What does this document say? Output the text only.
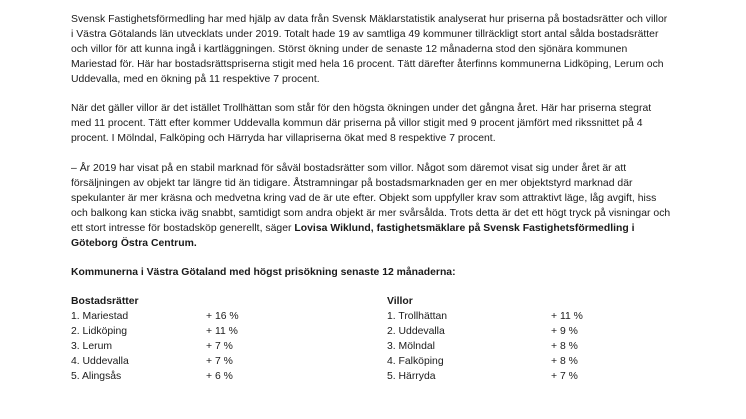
Svensk Fastighetsförmedling har med hjälp av data från Svensk Mäklarstatistik analyserat hur priserna på bostadsrätter och villor i Västra Götalands län utvecklats under 2019. Totalt hade 19 av samtliga 49 kommuner tillräckligt stort antal sålda bostadsrätter och villor för att kunna ingå i kartläggningen. Störst ökning under de senaste 12 månaderna stod den sjönära kommunen Mariestad för. Här har bostadsrättspriserna stigit med hela 16 procent. Tätt därefter återfinns kommunerna Lidköping, Lerum och Uddevalla, med en ökning på 11 respektive 7 procent.

När det gäller villor är det istället Trollhättan som står för den högsta ökningen under det gångna året. Här har priserna stegrat med 11 procent. Tätt efter kommer Uddevalla kommun där priserna på villor stigit med 9 procent jämfört med rikssnittet på 4 procent. I Mölndal, Falköping och Härryda har villapriserna ökat med 8 respektive 7 procent.

– År 2019 har visat på en stabil marknad för såväl bostadsrätter som villor. Något som däremot visat sig under året är att försäljningen av objekt tar längre tid än tidigare. Åtstramningar på bostadsmarknaden ger en mer objektstyrd marknad där spekulanter är mer kräsna och medvetna kring vad de är ute efter. Objekt som uppfyller krav som attraktivt läge, låg avgift, hiss och balkong kan sticka iväg snabbt, samtidigt som andra objekt är mer svårsålda. Trots detta är det ett högt tryck på visningar och ett stort intresse för bostadsköp generellt, säger Lovisa Wiklund, fastighetsmäklare på Svensk Fastighetsförmedling i Göteborg Östra Centrum.

Kommunerna i Västra Götaland med högst prisökning senaste 12 månaderna:

Bostadsrätter
1. Mariestad	+ 16 %
2. Lidköping	+ 11 %
3. Lerum	+ 7 %
4. Uddevalla	+ 7 %
5. Alingsås	+ 6 %
Villor
1. Trollhättan	+ 11 %
2. Uddevalla	+ 9 %
3. Mölndal	+ 8 %
4. Falköping	+ 8 %
5. Härryda	+ 7 %
